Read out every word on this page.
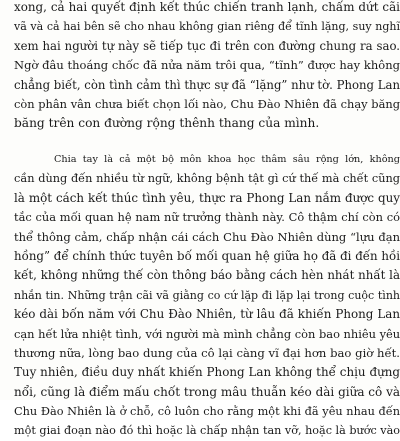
xong, cả hai quyết định kết thúc chiến tranh lạnh, chấm dứt cãi
vã và cả hai bên sẽ cho nhau không gian riêng để tĩnh lặng, suy nghĩ
xem hai người tự này sẽ tiếp tục đi trên con đường chung ra sao.
Ngờ đâu thoáng chốc đã nửa năm trôi qua, “tĩnh” được hay không
chẳng biết, còn tình cảm thì thực sự đã “lặng” như tờ. Phong Lan
còn phân vân chưa biết chọn lối nào, Chu Đào Nhiên đã chạy băng
băng trên con đường rộng thênh thang của mình.
Chia tay là cả một bộ môn khoa học thâm sâu rộng lớn, không
cần dùng đến nhiều từ ngữ, không bệnh tật gì cứ thế mà chết cũng
là một cách kết thúc tình yêu, thực ra Phong Lan nắm được quy
tắc của mối quan hệ nam nữ trưởng thành này. Cô thậm chí còn có
thể thông cảm, chấp nhận cái cách Chu Đào Nhiên dùng “lựu đạn
hồng” để chính thức tuyên bố mối quan hệ giữa họ đã đi đến hồi
kết, không những thế còn thông báo bằng cách hèn nhát nhất là
nhắn tin. Những trận cãi vã giằng co cứ lặp đi lặp lại trong cuộc tình
kéo dài bốn năm với Chu Đào Nhiên, từ lâu đã khiến Phong Lan
cạn hết lửa nhiệt tình, với người mà mình chẳng còn bao nhiêu yêu
thương nữa, lòng bao dung của cô lại càng vĩ đại hơn bao giờ hết.
Tuy nhiên, điều duy nhất khiến Phong Lan không thể chịu đựng
nổi, cũng là điểm mấu chốt trong mâu thuẫn kéo dài giữa cô và
Chu Đào Nhiên là ở chỗ, cô luôn cho rằng một khi đã yêu nhau đến
một giai đoạn nào đó thì hoặc là chấp nhận tan vỡ, hoặc là bước vào
